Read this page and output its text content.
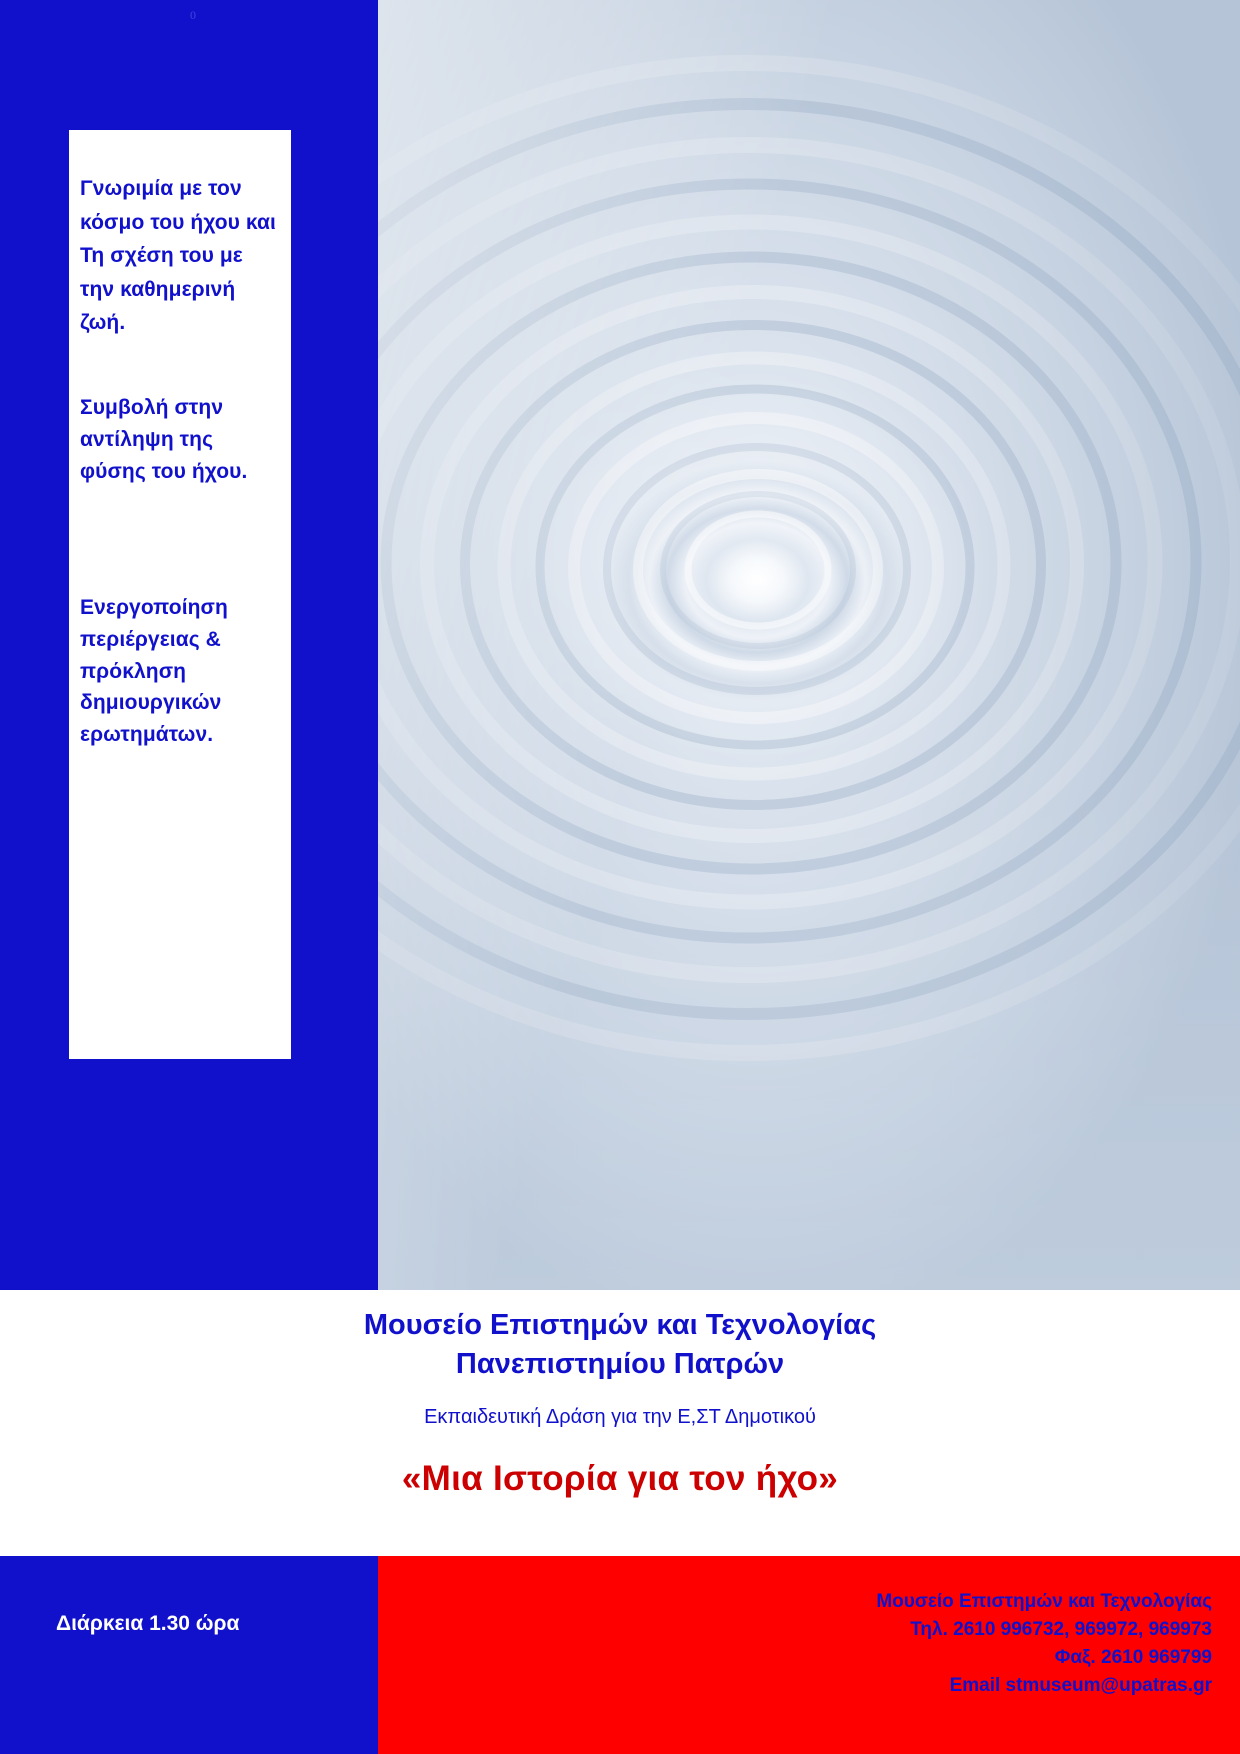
0

Γνωριμία με τον κόσμο του ήχου και Τη σχέση του με την καθημερινή ζωή.

Συμβολή στην αντίληψη της φύσης του ήχου.

Ενεργοποίηση περιέργειας & πρόκληση δημιουργικών ερωτημάτων.

Μουσείο Επιστημών και Τεχνολογίας
Πανεπιστημίου Πατρών

Εκπαιδευτική Δράση για την Ε,ΣΤ Δημοτικού

«Μια Ιστορία για τον ήχο»

Διάρκεια 1.30 ώρα
Μουσείο Επιστημών και Τεχνολογίας
Τηλ. 2610 996732, 969972, 969973
Φαξ. 2610 969799
Email stmuseum@upatras.gr
